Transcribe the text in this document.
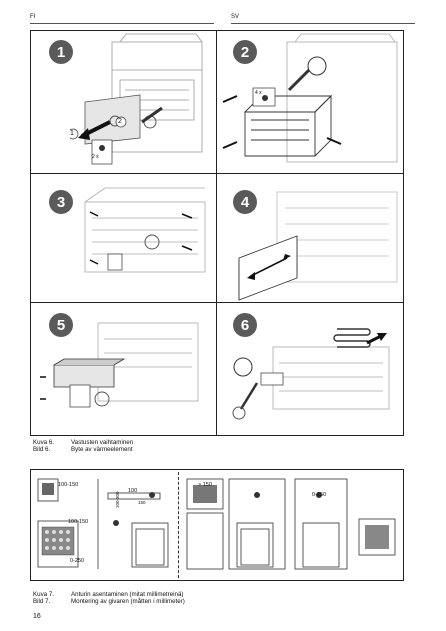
FI	SV
1	2
3	4
5	6
1
2
2 x
4 x
Kuva 6.	Vastusten vaihtaminen
Bild 6.	Byte av värmeelement
100-150
100-150
0-250
100
150
100-300
> 150
0-250
Kuva 7.	Anturin asentaminen (mitat millimetreinä)
Bild 7.	Montering av givaren (måtten i millimeter)
16
